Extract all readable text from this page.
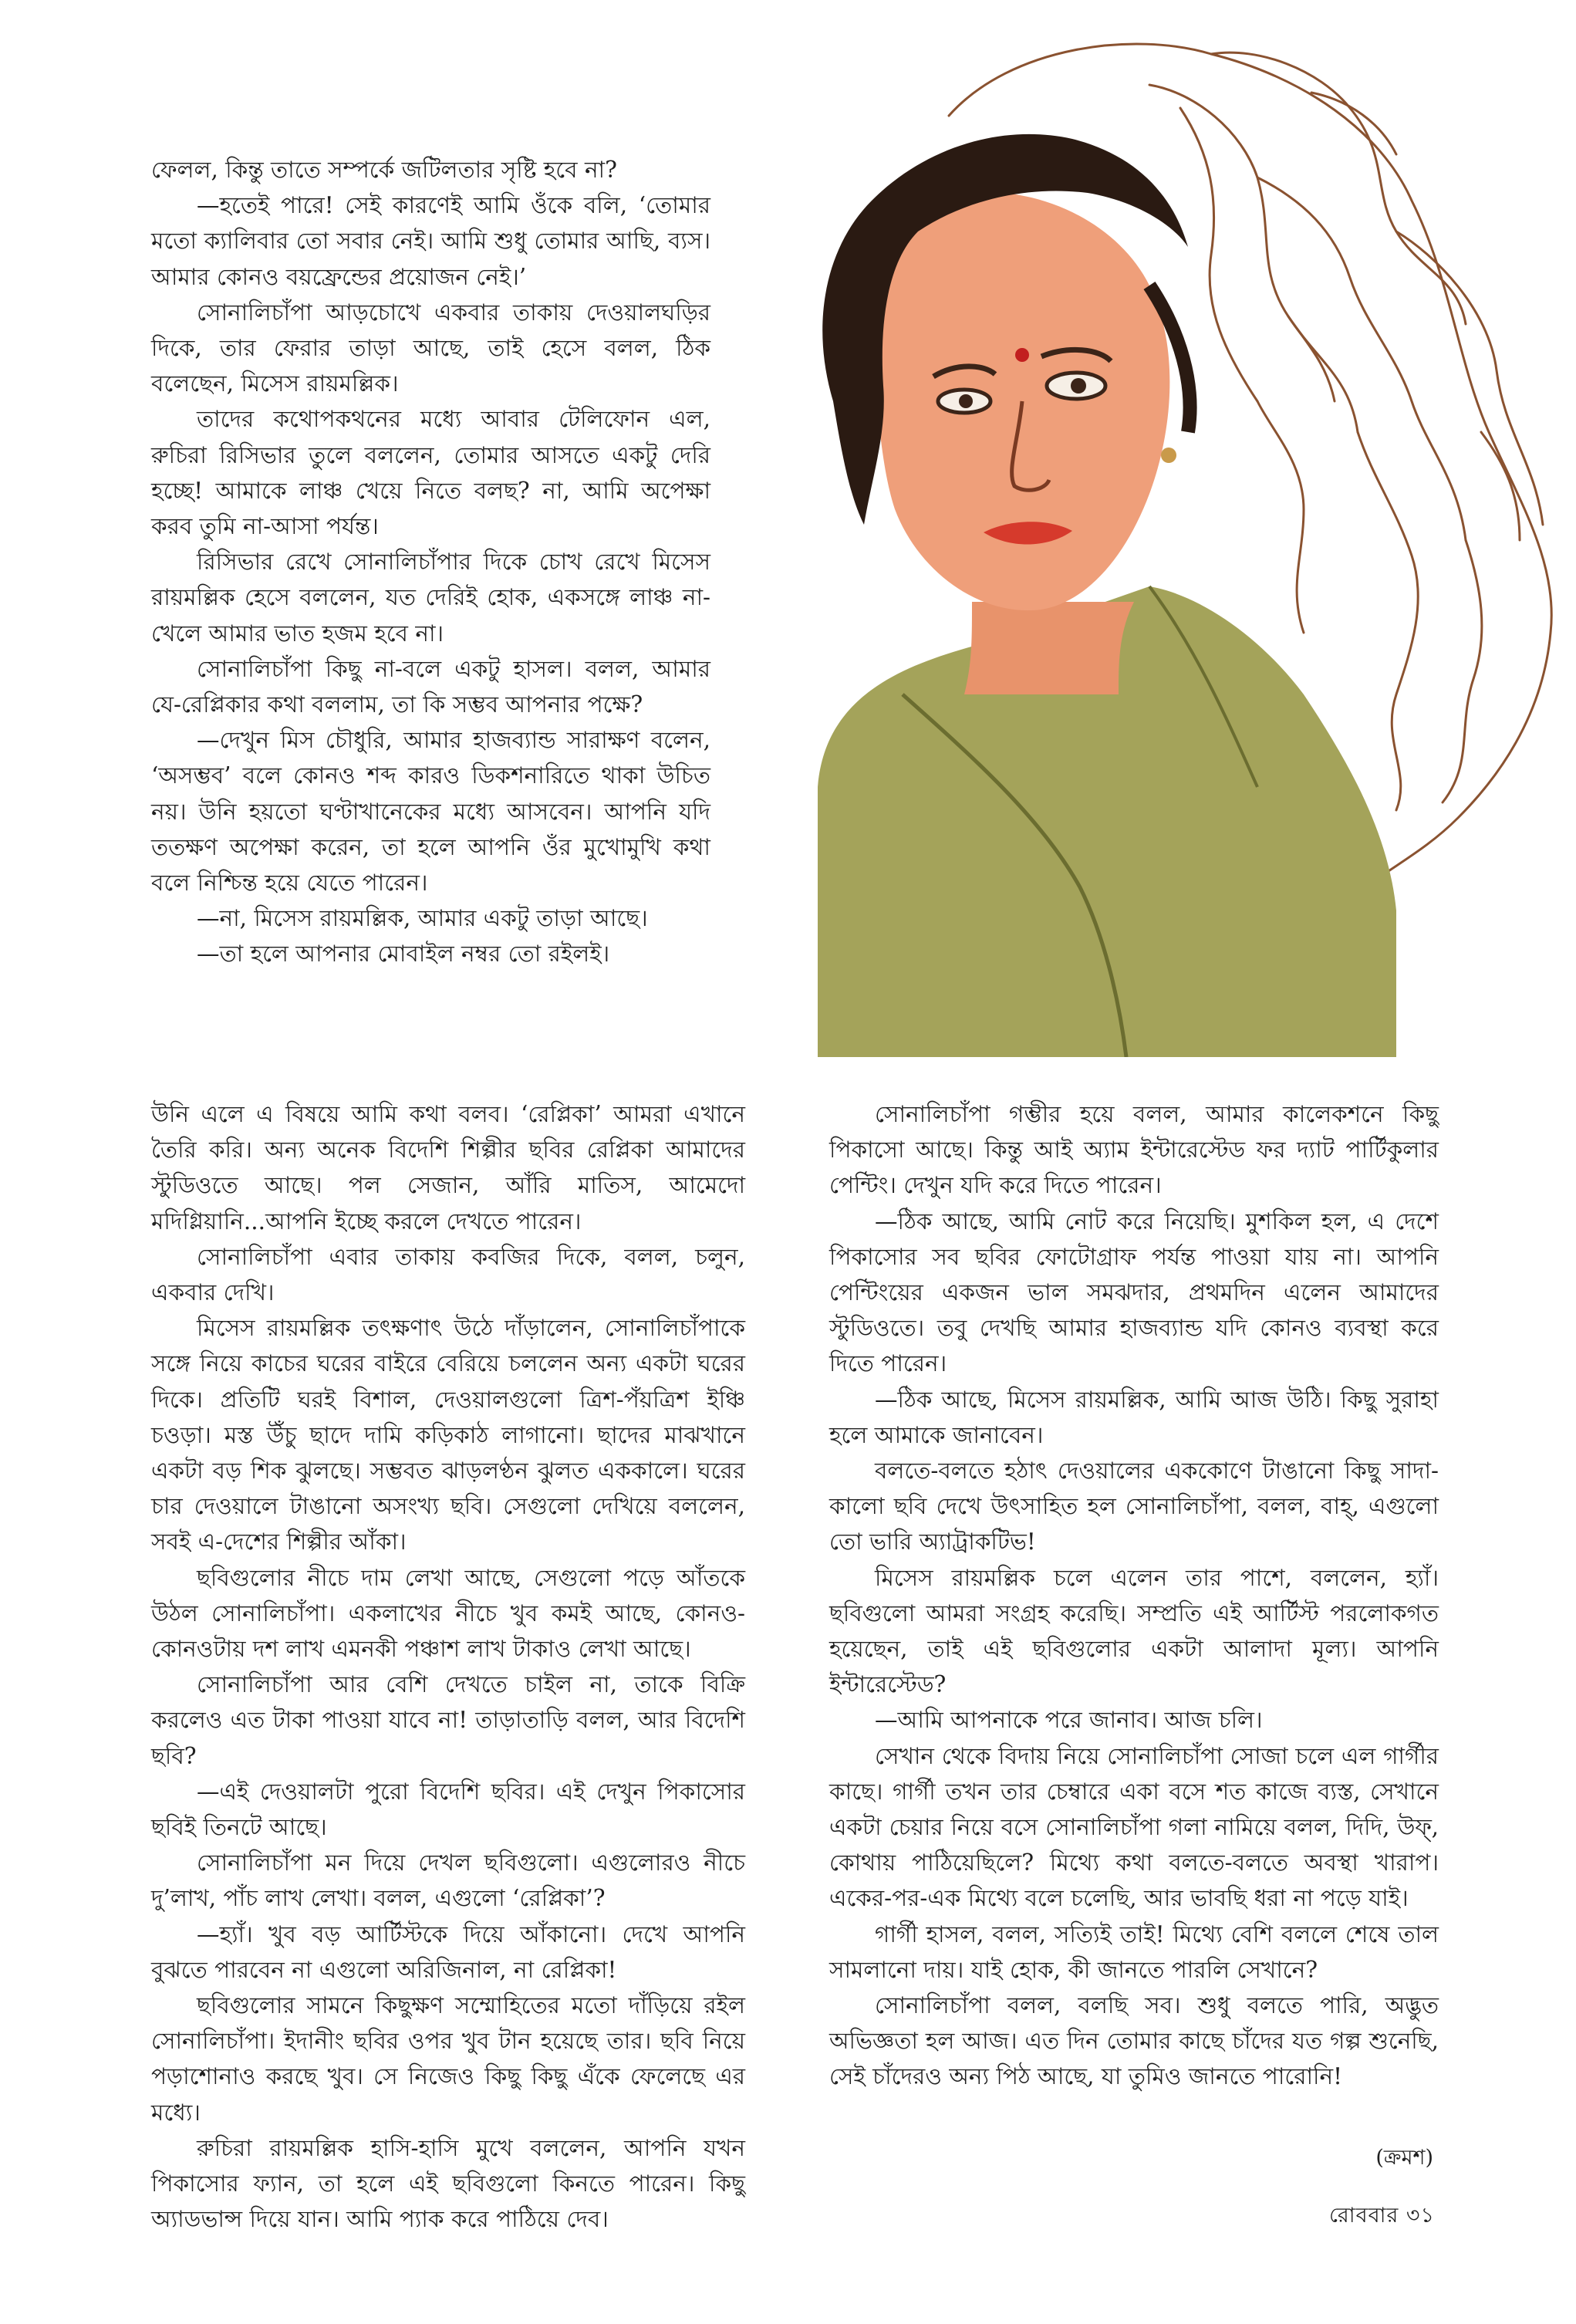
ফেলল, কিন্তু তাতে সম্পর্কে জটিলতার সৃষ্টি হবে না?

—হতেই পারে! সেই কারণেই আমি ওঁকে বলি, ‘তোমার মতো ক্যালিবার তো সবার নেই। আমি শুধু তোমার আছি, ব্যস। আমার কোনও বয়ফ্রেন্ডের প্রয়োজন নেই।’

সোনালিচাঁপা আড়চোখে একবার তাকায় দেওয়ালঘড়ির দিকে, তার ফেরার তাড়া আছে, তাই হেসে বলল, ঠিক বলেছেন, মিসেস রায়মল্লিক।

তাদের কথোপকথনের মধ্যে আবার টেলিফোন এল, রুচিরা রিসিভার তুলে বললেন, তোমার আসতে একটু দেরি হচ্ছে! আমাকে লাঞ্চ খেয়ে নিতে বলছ? না, আমি অপেক্ষা করব তুমি না-আসা পর্যন্ত।

রিসিভার রেখে সোনালিচাঁপার দিকে চোখ রেখে মিসেস রায়মল্লিক হেসে বললেন, যত দেরিই হোক, একসঙ্গে লাঞ্চ না-খেলে আমার ভাত হজম হবে না।

সোনালিচাঁপা কিছু না-বলে একটু হাসল। বলল, আমার যে-রেপ্লিকার কথা বললাম, তা কি সম্ভব আপনার পক্ষে?

—দেখুন মিস চৌধুরি, আমার হাজব্যান্ড সারাক্ষণ বলেন, ‘অসম্ভব’ বলে কোনও শব্দ কারও ডিকশনারিতে থাকা উচিত নয়। উনি হয়তো ঘণ্টাখানেকের মধ্যে আসবেন। আপনি যদি ততক্ষণ অপেক্ষা করেন, তা হলে আপনি ওঁর মুখোমুখি কথা বলে নিশ্চিন্ত হয়ে যেতে পারেন।

—না, মিসেস রায়মল্লিক, আমার একটু তাড়া আছে।

—তা হলে আপনার মোবাইল নম্বর তো রইলই।

উনি এলে এ বিষয়ে আমি কথা বলব। ‘রেপ্লিকা’ আমরা এখানে তৈরি করি। অন্য অনেক বিদেশি শিল্পীর ছবির রেপ্লিকা আমাদের স্টুডিওতে আছে। পল সেজান, আঁরি মাতিস, আমেদো মদিগ্লিয়ানি...আপনি ইচ্ছে করলে দেখতে পারেন।

সোনালিচাঁপা এবার তাকায় কবজির দিকে, বলল, চলুন, একবার দেখি।

মিসেস রায়মল্লিক তৎক্ষণাৎ উঠে দাঁড়ালেন, সোনালিচাঁপাকে সঙ্গে নিয়ে কাচের ঘরের বাইরে বেরিয়ে চললেন অন্য একটা ঘরের দিকে। প্রতিটি ঘরই বিশাল, দেওয়ালগুলো ত্রিশ-পঁয়ত্রিশ ইঞ্চি চওড়া। মস্ত উঁচু ছাদে দামি কড়িকাঠ লাগানো। ছাদের মাঝখানে একটা বড় শিক ঝুলছে। সম্ভবত ঝাড়লণ্ঠন ঝুলত এককালে। ঘরের চার দেওয়ালে টাঙানো অসংখ্য ছবি। সেগুলো দেখিয়ে বললেন, সবই এ-দেশের শিল্পীর আঁকা।

ছবিগুলোর নীচে দাম লেখা আছে, সেগুলো পড়ে আঁতকে উঠল সোনালিচাঁপা। একলাখের নীচে খুব কমই আছে, কোনও-কোনওটায় দশ লাখ এমনকী পঞ্চাশ লাখ টাকাও লেখা আছে।

সোনালিচাঁপা আর বেশি দেখতে চাইল না, তাকে বিক্রি করলেও এত টাকা পাওয়া যাবে না! তাড়াতাড়ি বলল, আর বিদেশি ছবি?

—এই দেওয়ালটা পুরো বিদেশি ছবির। এই দেখুন পিকাসোর ছবিই তিনটে আছে।

সোনালিচাঁপা মন দিয়ে দেখল ছবিগুলো। এগুলোরও নীচে দু’লাখ, পাঁচ লাখ লেখা। বলল, এগুলো ‘রেপ্লিকা’?

—হ্যাঁ। খুব বড় আর্টিস্টকে দিয়ে আঁকানো। দেখে আপনি বুঝতে পারবেন না এগুলো অরিজিনাল, না রেপ্লিকা!

ছবিগুলোর সামনে কিছুক্ষণ সম্মোহিতের মতো দাঁড়িয়ে রইল সোনালিচাঁপা। ইদানীং ছবির ওপর খুব টান হয়েছে তার। ছবি নিয়ে পড়াশোনাও করছে খুব। সে নিজেও কিছু কিছু এঁকে ফেলেছে এর মধ্যে।

রুচিরা রায়মল্লিক হাসি-হাসি মুখে বললেন, আপনি যখন পিকাসোর ফ্যান, তা হলে এই ছবিগুলো কিনতে পারেন। কিছু অ্যাডভান্স দিয়ে যান। আমি প্যাক করে পাঠিয়ে দেব।

সোনালিচাঁপা গম্ভীর হয়ে বলল, আমার কালেকশনে কিছু পিকাসো আছে। কিন্তু আই অ্যাম ইন্টারেস্টেড ফর দ্যাট পার্টিকুলার পেন্টিং। দেখুন যদি করে দিতে পারেন।

—ঠিক আছে, আমি নোট করে নিয়েছি। মুশকিল হল, এ দেশে পিকাসোর সব ছবির ফোটোগ্রাফ পর্যন্ত পাওয়া যায় না। আপনি পেন্টিংয়ের একজন ভাল সমঝদার, প্রথমদিন এলেন আমাদের স্টুডিওতে। তবু দেখছি আমার হাজব্যান্ড যদি কোনও ব্যবস্থা করে দিতে পারেন।

—ঠিক আছে, মিসেস রায়মল্লিক, আমি আজ উঠি। কিছু সুরাহা হলে আমাকে জানাবেন।

বলতে-বলতে হঠাৎ দেওয়ালের এককোণে টাঙানো কিছু সাদা-কালো ছবি দেখে উৎসাহিত হল সোনালিচাঁপা, বলল, বাহ্‌, এগুলো তো ভারি অ্যাট্রাকটিভ!

মিসেস রায়মল্লিক চলে এলেন তার পাশে, বললেন, হ্যাঁ। ছবিগুলো আমরা সংগ্রহ করেছি। সম্প্রতি এই আর্টিস্ট পরলোকগত হয়েছেন, তাই এই ছবিগুলোর একটা আলাদা মূল্য। আপনি ইন্টারেস্টেড?

—আমি আপনাকে পরে জানাব। আজ চলি।

সেখান থেকে বিদায় নিয়ে সোনালিচাঁপা সোজা চলে এল গার্গীর কাছে। গার্গী তখন তার চেম্বারে একা বসে শত কাজে ব্যস্ত, সেখানে একটা চেয়ার নিয়ে বসে সোনালিচাঁপা গলা নামিয়ে বলল, দিদি, উফ্‌, কোথায় পাঠিয়েছিলে? মিথ্যে কথা বলতে-বলতে অবস্থা খারাপ। একের-পর-এক মিথ্যে বলে চলেছি, আর ভাবছি ধরা না পড়ে যাই।

গার্গী হাসল, বলল, সত্যিই তাই! মিথ্যে বেশি বললে শেষে তাল সামলানো দায়। যাই হোক, কী জানতে পারলি সেখানে?

সোনালিচাঁপা বলল, বলছি সব। শুধু বলতে পারি, অদ্ভুত অভিজ্ঞতা হল আজ। এত দিন তোমার কাছে চাঁদের যত গল্প শুনেছি, সেই চাঁদেরও অন্য পিঠ আছে, যা তুমিও জানতে পারোনি!

(ক্রমশ)
রোববার ৩১
